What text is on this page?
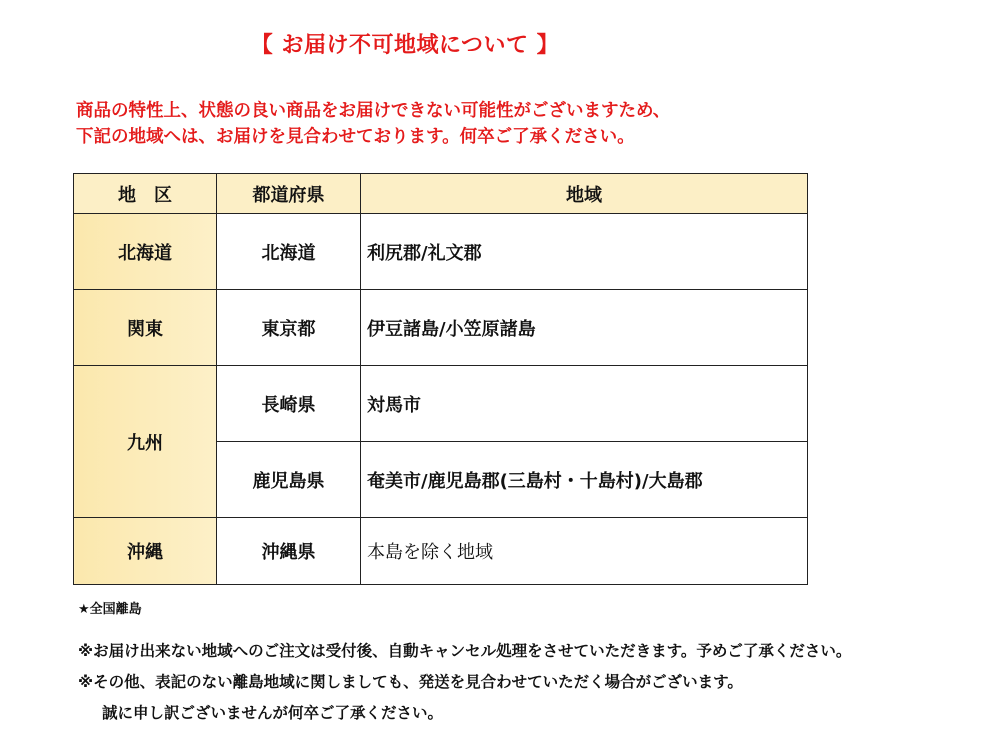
【 お届け不可地域について 】
商品の特性上、状態の良い商品をお届けできない可能性がございますため、
下記の地域へは、お届けを見合わせております。何卒ご了承ください。
地　区	都道府県	地域
北海道	北海道	利尻郡/礼文郡
関東	東京都	伊豆諸島/小笠原諸島
九州	長崎県	対馬市
	鹿児島県	奄美市/鹿児島郡(三島村・十島村)/大島郡
沖縄	沖縄県	本島を除く地域
★全国離島
※お届け出来ない地域へのご注文は受付後、自動キャンセル処理をさせていただきます。予めご了承ください。
※その他、表記のない離島地域に関しましても、発送を見合わせていただく場合がございます。
誠に申し訳ございませんが何卒ご了承ください。
